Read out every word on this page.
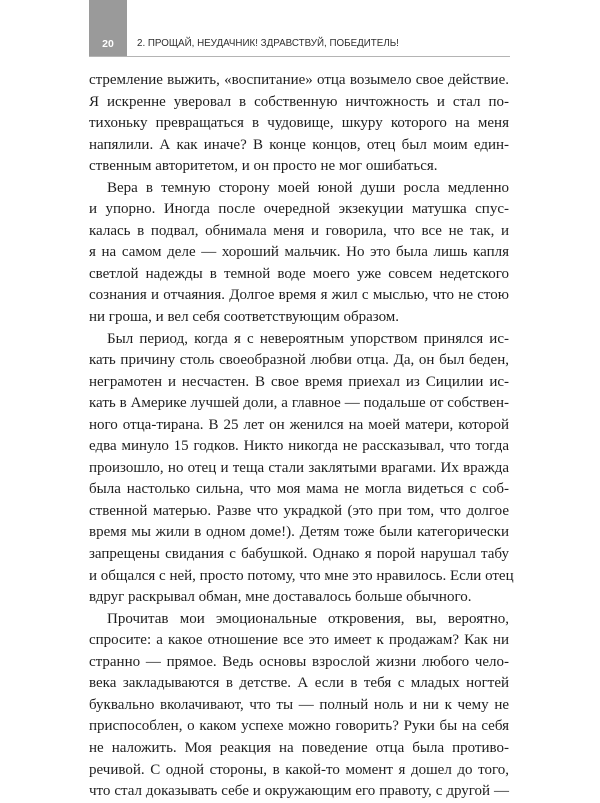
20	2. ПРОЩАЙ, НЕУДАЧНИК! ЗДРАВСТВУЙ, ПОБЕДИТЕЛЬ!
стремление выжить, «воспитание» отца возымело свое действие.
Я искренне уверовал в собственную ничтожность и стал по-
тихоньку превращаться в чудовище, шкуру которого на меня
напялили. А как иначе? В конце концов, отец был моим един-
ственным авторитетом, и он просто не мог ошибаться.
Вера в темную сторону моей юной души росла медленно
и упорно. Иногда после очередной экзекуции матушка спус-
калась в подвал, обнимала меня и говорила, что все не так, и
я на самом деле — хороший мальчик. Но это была лишь капля
светлой надежды в темной воде моего уже совсем недетского
сознания и отчаяния. Долгое время я жил с мыслью, что не стою
ни гроша, и вел себя соответствующим образом.
Был период, когда я с невероятным упорством принялся ис-
кать причину столь своеобразной любви отца. Да, он был беден,
неграмотен и несчастен. В свое время приехал из Сицилии ис-
кать в Америке лучшей доли, а главное — подальше от собствен-
ного отца-тирана. В 25 лет он женился на моей матери, которой
едва минуло 15 годков. Никто никогда не рассказывал, что тогда
произошло, но отец и теща стали заклятыми врагами. Их вражда
была настолько сильна, что моя мама не могла видеться с соб-
ственной матерью. Разве что украдкой (это при том, что долгое
время мы жили в одном доме!). Детям тоже были категорически
запрещены свидания с бабушкой. Однако я порой нарушал табу
и общался с ней, просто потому, что мне это нравилось. Если отец
вдруг раскрывал обман, мне доставалось больше обычного.
Прочитав мои эмоциональные откровения, вы, вероятно,
спросите: а какое отношение все это имеет к продажам? Как ни
странно — прямое. Ведь основы взрослой жизни любого чело-
века закладываются в детстве. А если в тебя с младых ногтей
буквально вколачивают, что ты — полный ноль и ни к чему не
приспособлен, о каком успехе можно говорить? Руки бы на себя
не наложить. Моя реакция на поведение отца была противо-
речивой. С одной стороны, в какой-то момент я дошел до того,
что стал доказывать себе и окружающим его правоту, с другой —
